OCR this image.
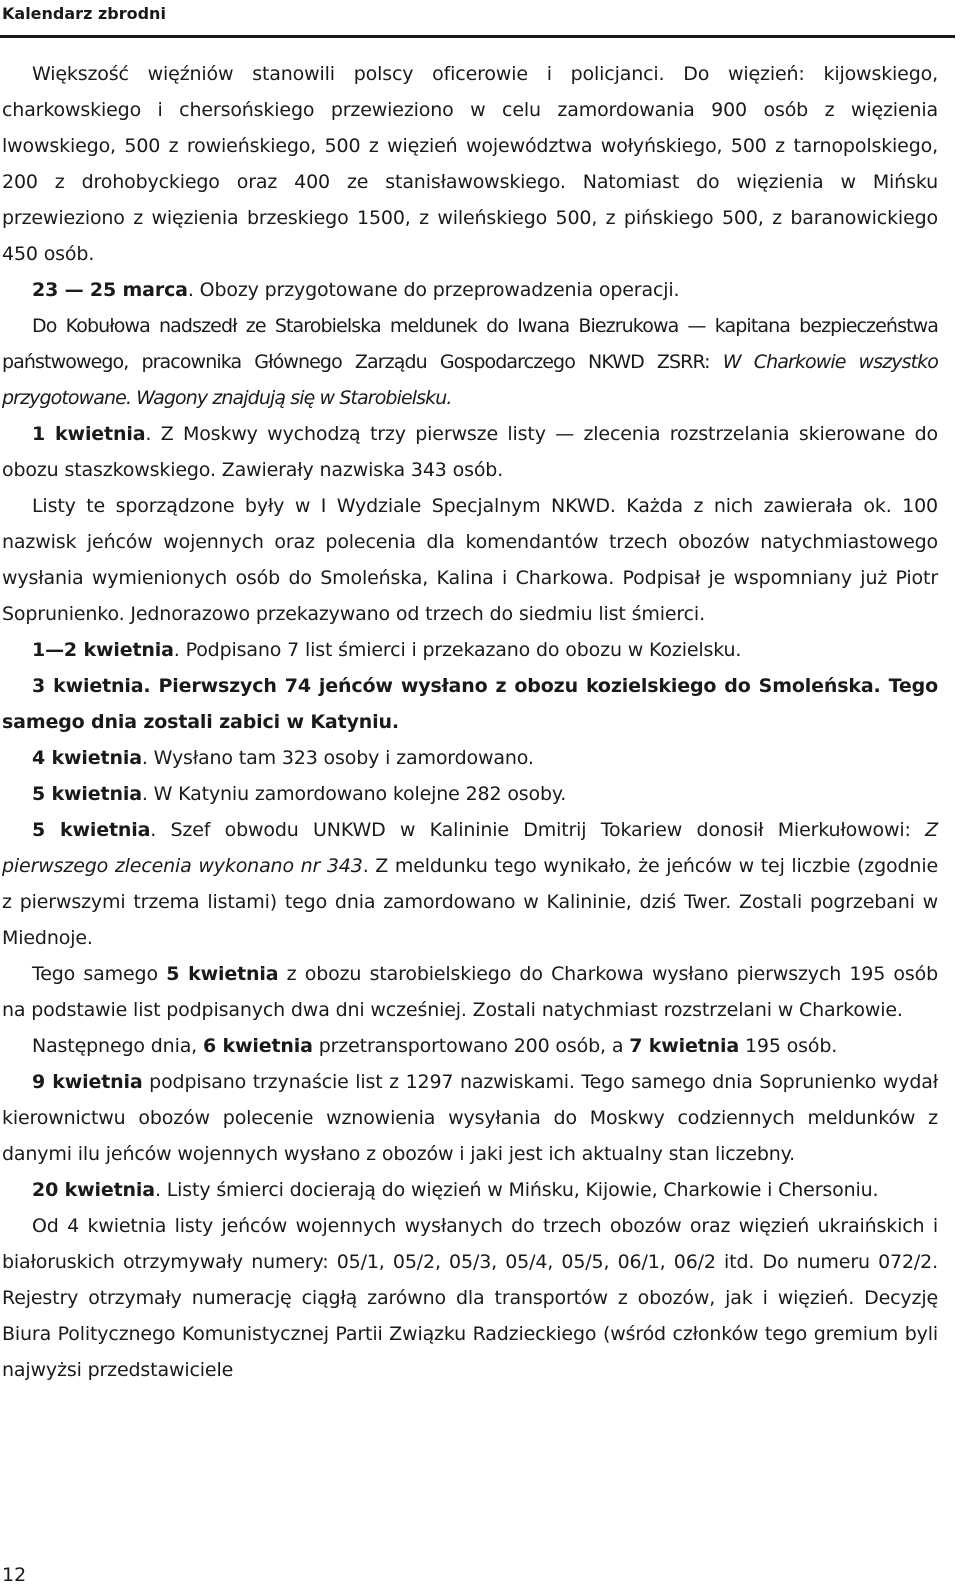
Kalendarz zbrodni

Większość więźniów stanowili polscy oficerowie i policjanci. Do więzień: kijowskiego, charkowskiego i chersońskiego przewieziono w celu zamordowania 900 osób z więzienia lwowskiego, 500 z rowieńskiego, 500 z więzień województwa wołyńskiego, 500 z tarnopolskiego, 200 z drohobyckiego oraz 400 ze stanisławowskiego. Natomiast do więzienia w Mińsku przewieziono z więzienia brzeskiego 1500, z wileńskiego 500, z pińskiego 500, z baranowickiego 450 osób.

23 — 25 marca. Obozy przygotowane do przeprowadzenia operacji.

Do Kobułowa nadszedł ze Starobielska meldunek do Iwana Biezrukowa — kapitana bezpieczeństwa państwowego, pracownika Głównego Zarządu Gospodarczego NKWD ZSRR: W Charkowie wszystko przygotowane. Wagony znajdują się w Starobielsku.

1 kwietnia. Z Moskwy wychodzą trzy pierwsze listy — zlecenia rozstrzelania skierowane do obozu staszkowskiego. Zawierały nazwiska 343 osób.

Listy te sporządzone były w I Wydziale Specjalnym NKWD. Każda z nich zawierała ok. 100 nazwisk jeńców wojennych oraz polecenia dla komendantów trzech obozów natychmiastowego wysłania wymienionych osób do Smoleńska, Kalina i Charkowa. Podpisał je wspomniany już Piotr Soprunienko. Jednorazowo przekazywano od trzech do siedmiu list śmierci.

1—2 kwietnia. Podpisano 7 list śmierci i przekazano do obozu w Kozielsku.

3 kwietnia. Pierwszych 74 jeńców wysłano z obozu kozielskiego do Smoleńska. Tego samego dnia zostali zabici w Katyniu.

4 kwietnia. Wysłano tam 323 osoby i zamordowano.

5 kwietnia. W Katyniu zamordowano kolejne 282 osoby.

5 kwietnia. Szef obwodu UNKWD w Kalininie Dmitrij Tokariew donosił Mierkułowowi: Z pierwszego zlecenia wykonano nr 343. Z meldunku tego wynikało, że jeńców w tej liczbie (zgodnie z pierwszymi trzema listami) tego dnia zamordowano w Kalininie, dziś Twer. Zostali pogrzebani w Miednoje.

Tego samego 5 kwietnia z obozu starobielskiego do Charkowa wysłano pierwszych 195 osób na podstawie list podpisanych dwa dni wcześniej. Zostali natychmiast rozstrzelani w Charkowie.

Następnego dnia, 6 kwietnia przetransportowano 200 osób, a 7 kwietnia 195 osób.

9 kwietnia podpisano trzynaście list z 1297 nazwiskami. Tego samego dnia Soprunienko wydał kierownictwu obozów polecenie wznowienia wysyłania do Moskwy codziennych meldunków z danymi ilu jeńców wojennych wysłano z obozów i jaki jest ich aktualny stan liczebny.

20 kwietnia. Listy śmierci docierają do więzień w Mińsku, Kijowie, Charkowie i Chersoniu.

Od 4 kwietnia listy jeńców wojennych wysłanych do trzech obozów oraz więzień ukraińskich i białoruskich otrzymywały numery: 05/1, 05/2, 05/3, 05/4, 05/5, 06/1, 06/2 itd. Do numeru 072/2. Rejestry otrzymały numerację ciągłą zarówno dla transportów z obozów, jak i więzień. Decyzję Biura Politycznego Komunistycznej Partii Związku Radzieckiego (wśród członków tego gremium byli najwyżsi przedstawiciele

12
